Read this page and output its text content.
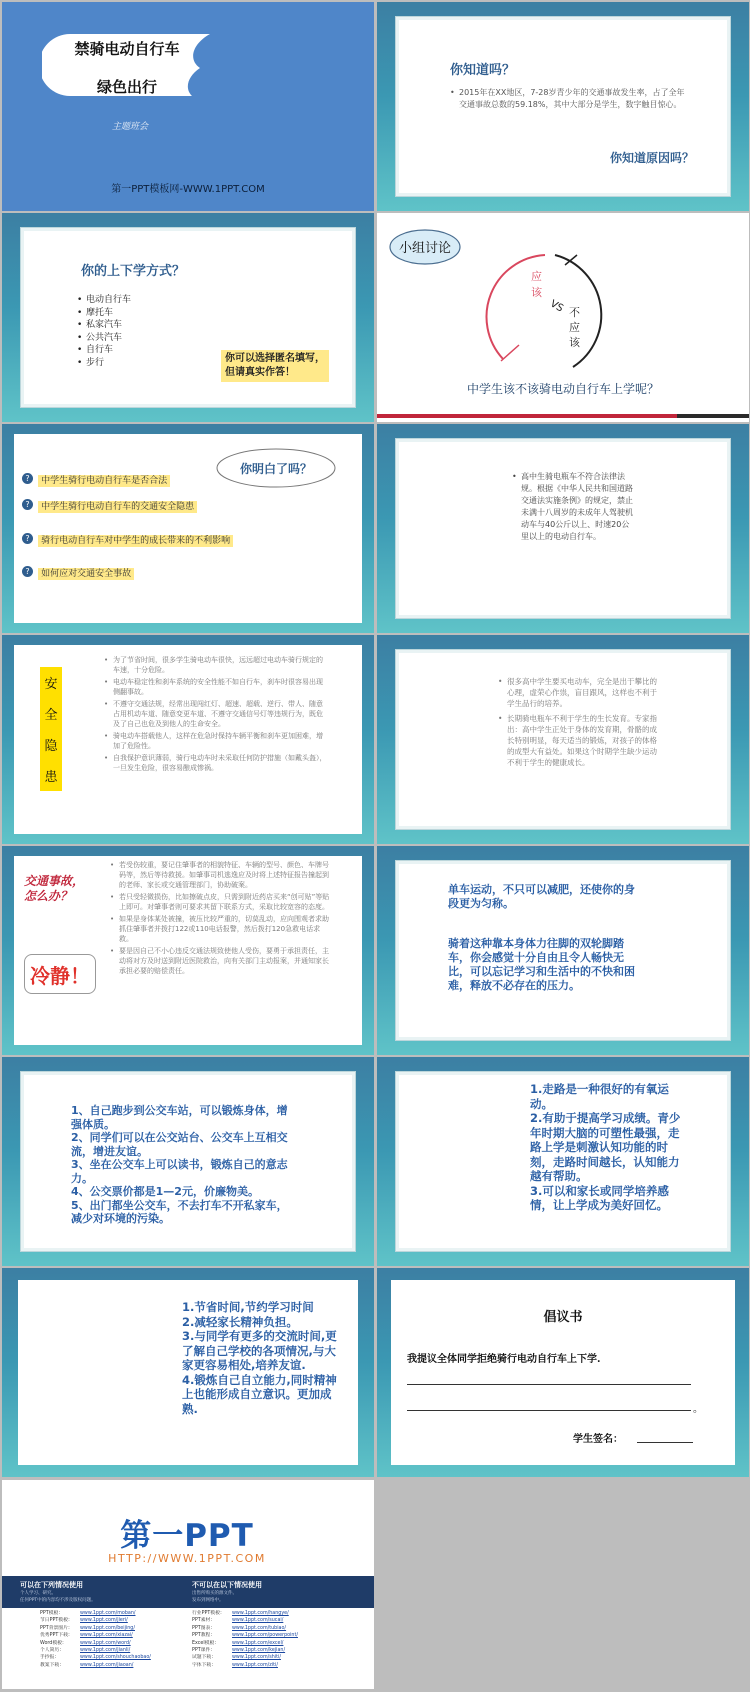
禁骑电动自行车
绿色出行
主题班会
第一PPT模板网-WWW.1PPT.COM
你知道吗？
• 2015年在XX地区，7-28岁青少年的交通事故发生率，占了全年交通事故总数的59.18%，其中大部分是学生，数字触目惊心。
你知道原因吗？
你的上下学方式？
• 电动自行车
• 摩托车
• 私家汽车
• 公共汽车
• 自行车
• 步行	你可以选择匿名填写，但请真实作答！
小组讨论
应该
VS 不应该
中学生该不该骑电动自行车上学呢？
你明白了吗？
? 中学生骑行电动自行车是否合法
? 中学生骑行电动自行车的交通安全隐患
? 骑行电动自行车对中学生的成长带来的不利影响
? 如何应对交通安全事故
• 高中生骑电瓶车不符合法律法规。根据《中华人民共和国道路交通法实施条例》的规定，禁止未满十八周岁的未成年人驾驶机动车与40公斤以上、时速20公里以上的电动自行车。
安
全
隐
患
• 为了节省时间，很多学生骑电动车很快，远远超过电动车骑行规定的车速，十分危险。
• 电动车稳定性和刹车系统的安全性能不如自行车，刹车时很容易出现侧翻事故。
• 不遵守交通法规，经常出现闯红灯、超速、超载、逆行、带人、随意占用机动车道、随意变更车道、不遵守交通信号灯等违规行为，既危及了自己也危及到他人的生命安全。
• 骑电动车搭载他人，这样在危急时保持车辆平衡和刹车更加困难，增加了危险性。
• 自我保护意识薄弱，骑行电动车时未采取任何防护措施（如戴头盔），一旦发生危险，很容易酿成惨祸。
• 很多高中学生要买电动车，完全是出于攀比的心理，虚荣心作祟，盲目跟风，这样也不利于学生品行的培养。
• 长期骑电瓶车不利于学生的生长发育。专家指出：高中学生正处于身体的发育期，骨骼的成长特别明显，每天适当的锻炼，对孩子的体格的成型大有益处。如果这个时期学生缺少运动不利于学生的健康成长。
交通事故，怎么办？
冷静！
• 若受伤较重，要记住肇事者的相貌特征、车辆的型号、颜色、车牌号码等，然后等待救援。如肇事司机逃逸应及时将上述特征报告撞起到的老师、家长或交通管理部门，协助破案。
• 若只受轻微损伤，比如擦破点皮，只需到附近药店买来“创可贴”等贴上即可。对肇事者则可要求其留下联系方式，采取比较宽容的态度。
• 如果是身体某处被撞，被压比较严重的，切莫乱动，应向围观者求助抓住肇事者并拨打122或110电话报警，然后拨打120急救电话求救。
• 要是因自己不小心违反交通法规致使他人受伤，要勇于承担责任，主动将对方及时送到附近医院救治，向有关部门主动报案，并通知家长承担必要的赔偿责任。
单车运动，不只可以减肥，还使你的身段更为匀称。
骑着这种靠本身体力往脚的双轮脚踏车，你会感觉十分自由且令人畅快无比，可以忘记学习和生活中的不快和困难，释放不必存在的压力。
1、自己跑步到公交车站，可以锻炼身体，增强体质。
2、同学们可以在公交站台、公交车上互相交流，增进友谊。
3、坐在公交车上可以读书，锻炼自己的意志力。
4、公交票价都是1—2元，价廉物美。
5、出门都坐公交车，不去打车不开私家车，减少对环境的污染。
1.走路是一种很好的有氧运动。
2.有助于提高学习成绩。青少年时期大脑的可塑性最强，走路上学是刺激认知功能的时刻，走路时间越长，认知能力越有帮助。
3.可以和家长或同学培养感情，让上学成为美好回忆。
1.节省时间,节约学习时间
2.减轻家长精神负担。
3.与同学有更多的交流时间,更了解自己学校的各项情况,与大家更容易相处,培养友谊.
4.锻炼自己自立能力,同时精神上也能形成自立意识。更加成熟.
倡议书
我提议全体同学拒绝骑行电动自行车上下学.
。
学生签名：
第一PPT
HTTP://WWW.1PPT.COM
可以在下列情况使用
个人学习、研究。
任何PPT中的内容均不涉及版权问题。
不可以在以下情况使用
出售所购买的源文件。
发布到网络中。
PPT模板：	www.1ppt.com/moban/
节日PPT模板： www.1ppt.com/jieri/
PPT背景图片： www.1ppt.com/beijing/
优秀PPT下载： www.1ppt.com/xiazai/
Word模板：	www.1ppt.com/word/
个人简历：	www.1ppt.com/jianli/
手抄报：	www.1ppt.com/shouchaobao/
教案下载：	www.1ppt.com/jiaoan/
行业PPT模板： www.1ppt.com/hangye/
PPT素材：	www.1ppt.com/sucai/
PPT图表：	www.1ppt.com/tubiao/
PPT教程：	www.1ppt.com/powerpoint/
Excel模板：	www.1ppt.com/excel/
PPT课件：	www.1ppt.com/kejian/
试题下载：	www.1ppt.com/shiti/
字体下载：	www.1ppt.com/ziti/
